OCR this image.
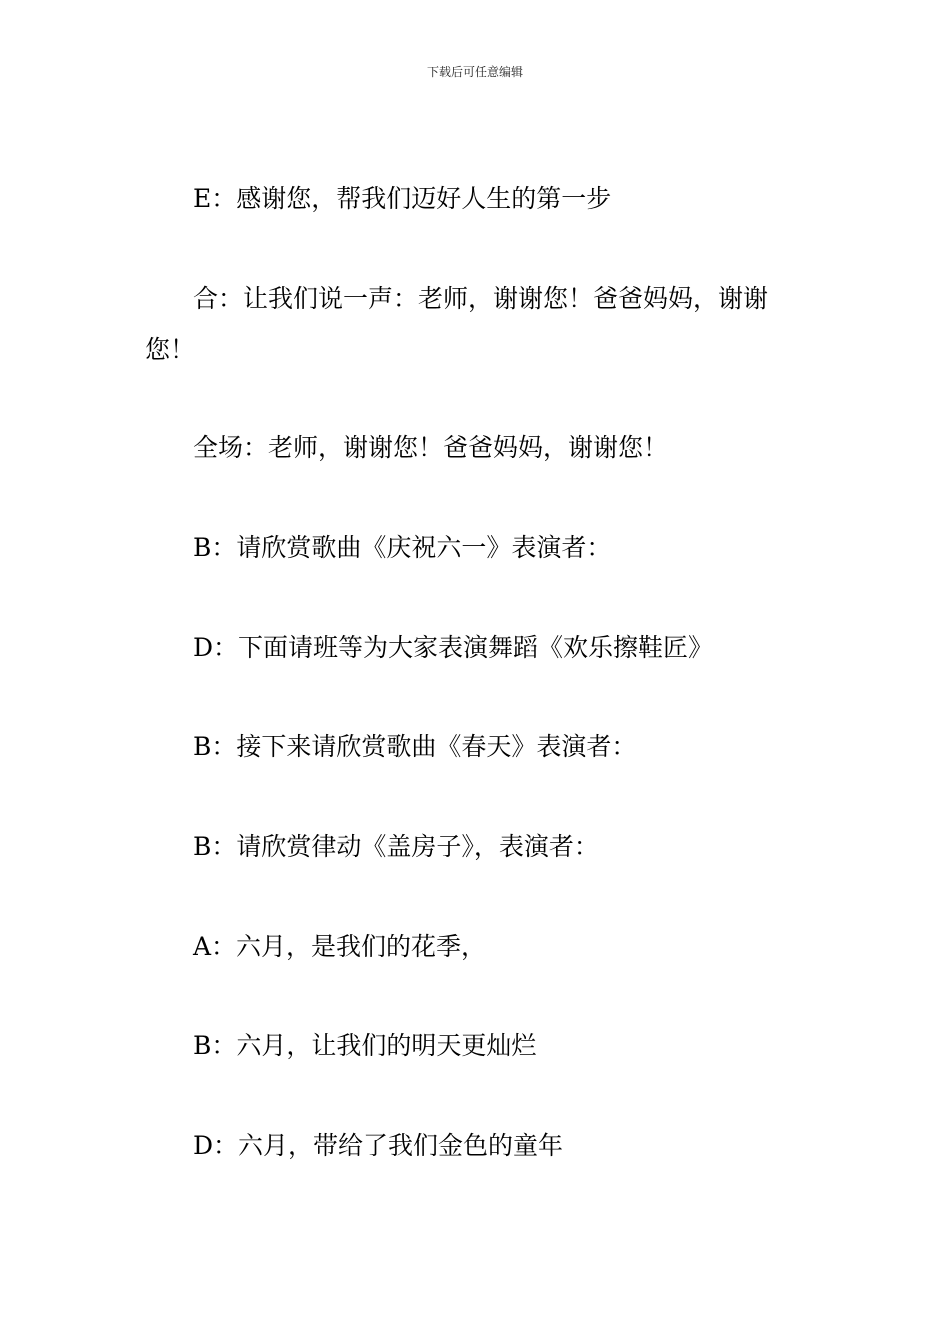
下载后可任意编辑
E：感谢您，帮我们迈好人生的第一步
合：让我们说一声：老师，谢谢您！爸爸妈妈，谢谢
您！
全场：老师，谢谢您！爸爸妈妈，谢谢您！
B：请欣赏歌曲《庆祝六一》表演者：
D：下面请班等为大家表演舞蹈《欢乐擦鞋匠》
B：接下来请欣赏歌曲《春天》表演者：
B：请欣赏律动《盖房子》，表演者：
A：六月，是我们的花季，
B：六月，让我们的明天更灿烂
D：六月，带给了我们金色的童年
